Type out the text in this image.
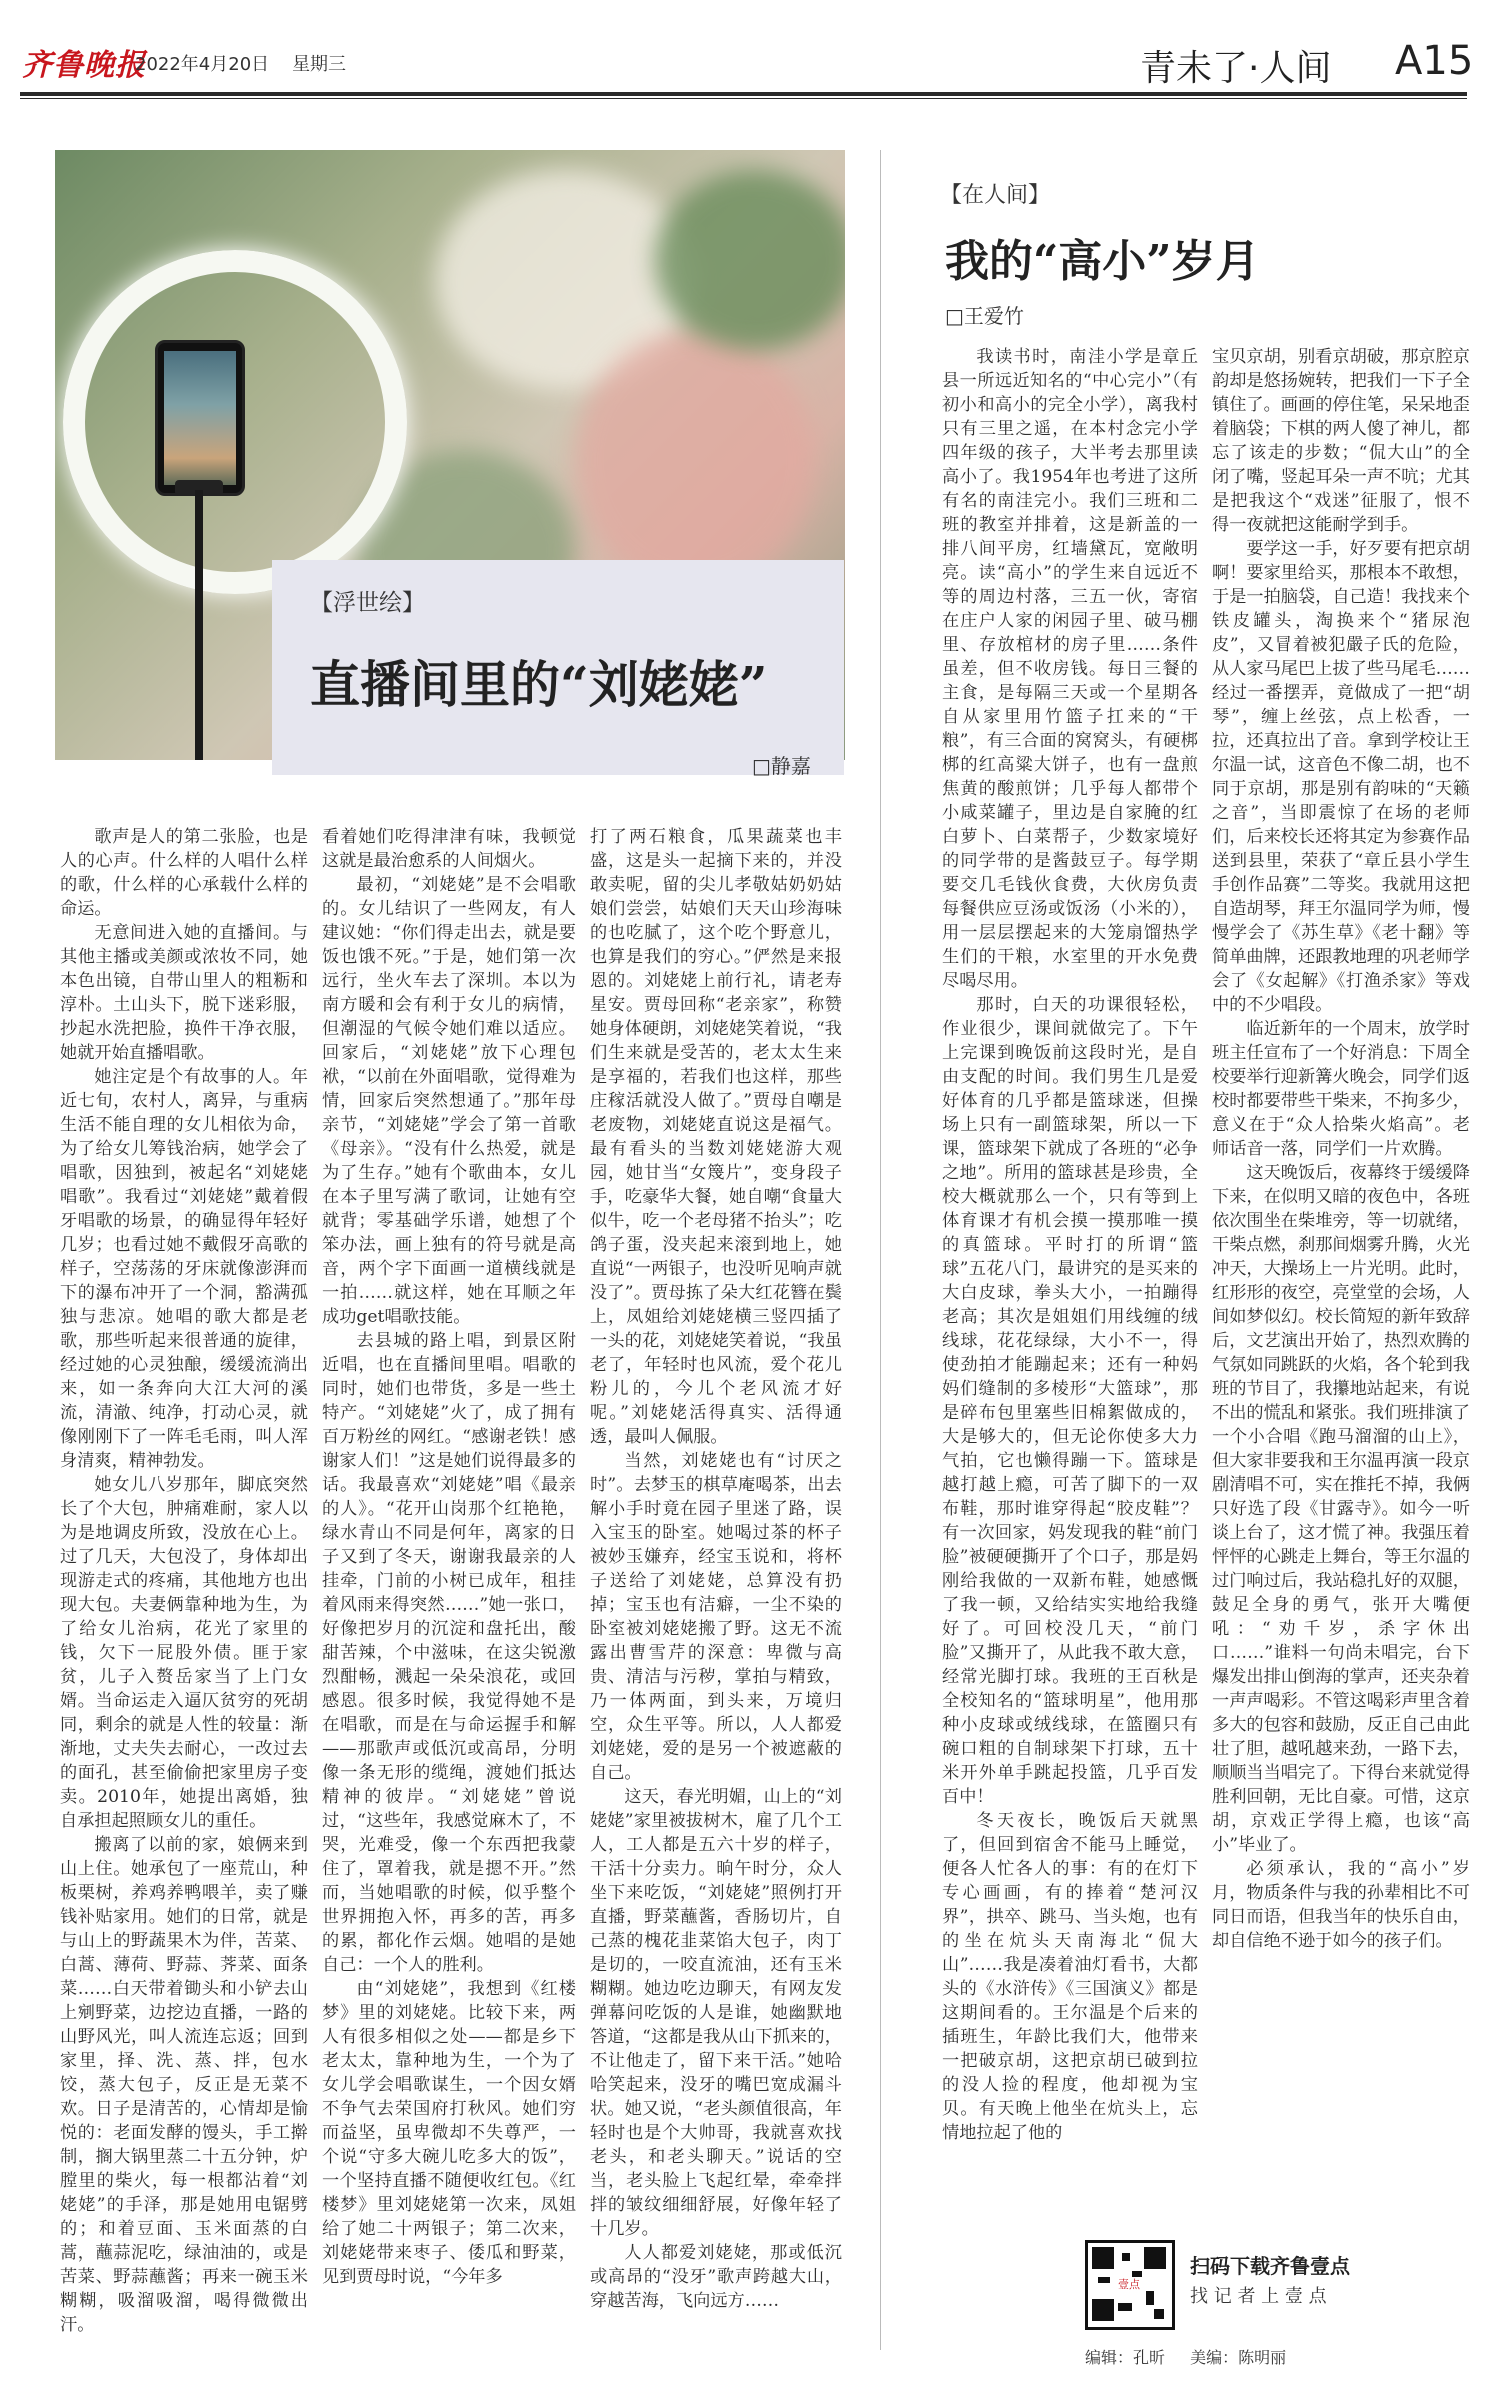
齐鲁晚报
2022年4月20日 星期三	青未了·人间 A15
【浮世绘】
直播间里的“刘姥姥”
□静嘉

歌声是人的第二张脸，也是人的心声。什么样的人唱什么样的歌，什么样的心承载什么样的命运。

无意间进入她的直播间。与其他主播或美颜或浓妆不同，她本色出镜，自带山里人的粗粝和淳朴。土山头下，脱下迷彩服，抄起水洗把脸，换件干净衣服，她就开始直播唱歌。

她注定是个有故事的人。年近七旬，农村人，离异，与重病生活不能自理的女儿相依为命，为了给女儿筹钱治病，她学会了唱歌，因独到，被起名“刘姥姥唱歌”。我看过“刘姥姥”戴着假牙唱歌的场景，的确显得年轻好几岁；也看过她不戴假牙高歌的样子，空荡荡的牙床就像澎湃而下的瀑布冲开了一个洞，豁满孤独与悲凉。她唱的歌大都是老歌，那些听起来很普通的旋律，经过她的心灵独酿，缓缓流淌出来，如一条奔向大江大河的溪流，清澈、纯净，打动心灵，就像刚刚下了一阵毛毛雨，叫人浑身清爽，精神勃发。

她女儿八岁那年，脚底突然长了个大包，肿痛难耐，家人以为是地调皮所致，没放在心上。过了几天，大包没了，身体却出现游走式的疼痛，其他地方也出现大包。夫妻俩靠种地为生，为了给女儿治病，花光了家里的钱，欠下一屁股外债。匪于家贫，儿子入赘岳家当了上门女婿。当命运走入逼仄贫穷的死胡同，剩余的就是人性的较量：渐渐地，丈夫失去耐心，一改过去的面孔，甚至偷偷把家里房子变卖。2010年，她提出离婚，独自承担起照顾女儿的重任。

搬离了以前的家，娘俩来到山上住。她承包了一座荒山，种板栗树，养鸡养鸭喂羊，卖了赚钱补贴家用。她们的日常，就是与山上的野蔬果木为伴，苦菜、白蒿、薄荷、野蒜、荠菜、面条菜……白天带着锄头和小铲去山上剜野菜，边挖边直播，一路的山野风光，叫人流连忘返；回到家里，择、洗、蒸、拌，包水饺，蒸大包子，反正是无菜不欢。日子是清苦的，心情却是愉悦的：老面发酵的馒头，手工擀制，搁大锅里蒸二十五分钟，炉膛里的柴火，每一根都沾着“刘姥姥”的手泽，那是她用电锯劈的；和着豆面、玉米面蒸的白蒿，蘸蒜泥吃，绿油油的，或是苦菜、野蒜蘸酱；再来一碗玉米糊糊，吸溜吸溜，喝得微微出汗。

看着她们吃得津津有味，我顿觉这就是最治愈系的人间烟火。

最初，“刘姥姥”是不会唱歌的。女儿结识了一些网友，有人建议她：“你们得走出去，就是要饭也饿不死。”于是，她们第一次远行，坐火车去了深圳。本以为南方暖和会有利于女儿的病情，但潮湿的气候令她们难以适应。回家后，“刘姥姥”放下心理包袱，“以前在外面唱歌，觉得难为情，回家后突然想通了。”那年母亲节，“刘姥姥”学会了第一首歌《母亲》。“没有什么热爱，就是为了生存。”她有个歌曲本，女儿在本子里写满了歌词，让她有空就背；零基础学乐谱，她想了个笨办法，画上独有的符号就是高音，两个字下面画一道横线就是一拍……就这样，她在耳顺之年成功get唱歌技能。

去县城的路上唱，到景区附近唱，也在直播间里唱。唱歌的同时，她们也带货，多是一些土特产。“刘姥姥”火了，成了拥有百万粉丝的网红。“感谢老铁！感谢家人们！”这是她们说得最多的话。我最喜欢“刘姥姥”唱《最亲的人》。“花开山岗那个红艳艳，绿水青山不同是何年，离家的日子又到了冬天，谢谢我最亲的人挂牵，门前的小树已成年，租挂着风雨来得突然……”她一张口，好像把岁月的沉淀和盘托出，酸甜苦辣，个中滋味，在这尖锐激烈酣畅，溅起一朵朵浪花，或回感恩。很多时候，我觉得她不是在唱歌，而是在与命运握手和解——那歌声或低沉或高昂，分明像一条无形的缆绳，渡她们抵达精神的彼岸。“刘姥姥”曾说过，“这些年，我感觉麻木了，不哭，光难受，像一个东西把我蒙住了，罩着我，就是摁不开。”然而，当她唱歌的时候，似乎整个世界拥抱入怀，再多的苦，再多的累，都化作云烟。她唱的是她自己：一个人的胜利。

由“刘姥姥”，我想到《红楼梦》里的刘姥姥。比较下来，两人有很多相似之处——都是乡下老太太，靠种地为生，一个为了女儿学会唱歌谋生，一个因女婿不争气去荣国府打秋风。她们穷而益坚，虽卑微却不失尊严，一个说“守多大碗儿吃多大的饭”，一个坚持直播不随便收红包。《红楼梦》里刘姥姥第一次来，凤姐给了她二十两银子；第二次来，刘姥姥带来枣子、倭瓜和野菜，见到贾母时说，“今年多

打了两石粮食，瓜果蔬菜也丰盛，这是头一起摘下来的，并没敢卖呢，留的尖儿孝敬姑奶奶姑娘们尝尝，姑娘们天天山珍海味的也吃腻了，这个吃个野意儿，也算是我们的穷心。”俨然是来报恩的。刘姥姥上前行礼，请老寿星安。贾母回称“老亲家”，称赞她身体硬朗，刘姥姥笑着说，“我们生来就是受苦的，老太太生来是享福的，若我们也这样，那些庄稼活就没人做了。”贾母自嘲是老废物，刘姥姥直说这是福气。最有看头的当数刘姥姥游大观园，她甘当“女篾片”，变身段子手，吃豪华大餐，她自嘲“食量大似牛，吃一个老母猪不抬头”；吃鸽子蛋，没夹起来滚到地上，她直说“一两银子，也没听见响声就没了”。贾母拣了朵大红花簪在鬓上，凤姐给刘姥姥横三竖四插了一头的花，刘姥姥笑着说，“我虽老了，年轻时也风流，爱个花儿粉儿的，今儿个老风流才好呢。”刘姥姥活得真实、活得通透，最叫人佩服。

当然，刘姥姥也有“讨厌之时”。去梦玉的棋草庵喝茶，出去解小手时竟在园子里迷了路，误入宝玉的卧室。她喝过茶的杯子被妙玉嫌弃，经宝玉说和，将杯子送给了刘姥姥，总算没有扔掉；宝玉也有洁癖，一尘不染的卧室被刘姥姥搬了野。这无不流露出曹雪芹的深意：卑微与高贵、清洁与污秽，掌拍与精致，乃一体两面，到头来，万境归空，众生平等。所以，人人都爱刘姥姥，爱的是另一个被遮蔽的自己。

这天，春光明媚，山上的“刘姥姥”家里被拔树木，雇了几个工人，工人都是五六十岁的样子，干活十分卖力。晌午时分，众人坐下来吃饭，“刘姥姥”照例打开直播，野菜蘸酱，香肠切片，自己蒸的槐花韭菜馅大包子，肉丁是切的，一咬直流油，还有玉米糊糊。她边吃边聊天，有网友发弹幕问吃饭的人是谁，她幽默地答道，“这都是我从山下抓来的，不让他走了，留下来干活。”她哈哈笑起来，没牙的嘴巴宽成漏斗状。她又说，“老头颜值很高，年轻时也是个大帅哥，我就喜欢找老头，和老头聊天。”说话的空当，老头脸上飞起红晕，牵牵拌拌的皱纹细细舒展，好像年轻了十几岁。

人人都爱刘姥姥，那或低沉或高昂的“没牙”歌声跨越大山，穿越苦海，飞向远方……

【在人间】
我的“高小”岁月
□王爱竹

我读书时，南洼小学是章丘县一所远近知名的“中心完小”（有初小和高小的完全小学），离我村只有三里之遥，在本村念完小学四年级的孩子，大半考去那里读高小了。我1954年也考进了这所有名的南洼完小。我们三班和二班的教室并排着，这是新盖的一排八间平房，红墙黛瓦，宽敞明亮。读“高小”的学生来自远近不等的周边村落，三五一伙，寄宿在庄户人家的闲园子里、破马棚里、存放棺材的房子里……条件虽差，但不收房钱。每日三餐的主食，是每隔三天或一个星期各自从家里用竹篮子扛来的“干粮”，有三合面的窝窝头，有硬梆梆的红高粱大饼子，也有一盘煎焦黄的酸煎饼；几乎每人都带个小咸菜罐子，里边是自家腌的红白萝卜、白菜帮子，少数家境好的同学带的是酱鼓豆子。每学期要交几毛钱伙食费，大伙房负责每餐供应豆汤或饭汤（小米的），用一层层摆起来的大笼扇馏热学生们的干粮，水室里的开水免费尽喝尽用。

那时，白天的功课很轻松，作业很少，课间就做完了。下午上完课到晚饭前这段时光，是自由支配的时间。我们男生几是爱好体育的几乎都是篮球迷，但操场上只有一副篮球架，所以一下课，篮球架下就成了各班的“必争之地”。所用的篮球甚是珍贵，全校大概就那么一个，只有等到上体育课才有机会摸一摸那唯一摸的真篮球。平时打的所谓“篮球”五花八门，最讲究的是买来的大白皮球，拳头大小，一拍蹦得老高；其次是姐姐们用线缠的绒线球，花花绿绿，大小不一，得使劲拍才能蹦起来；还有一种妈妈们缝制的多棱形“大篮球”，那是碎布包里塞些旧棉絮做成的，大是够大的，但无论你使多大力气拍，它也懒得蹦一下。篮球是越打越上瘾，可苦了脚下的一双布鞋，那时谁穿得起“胶皮鞋”？有一次回家，妈发现我的鞋“前门脸”被硬硬撕开了个口子，那是妈刚给我做的一双新布鞋，她感慨了我一顿，又给结实实地给我缝好了。可回校没几天，“前门脸”又撕开了，从此我不敢大意，经常光脚打球。我班的王百秋是全校知名的“篮球明星”，他用那种小皮球或绒线球，在篮圈只有碗口粗的自制球架下打球，五十米开外单手跳起投篮，几乎百发百中！

冬天夜长，晚饭后天就黑了，但回到宿舍不能马上睡觉，便各人忙各人的事：有的在灯下专心画画，有的捧着“楚河汉界”，拱卒、跳马、当头炮，也有的坐在炕头天南海北“侃大山”……我是凑着油灯看书，大都头的《水浒传》《三国演义》都是这期间看的。王尔温是个后来的插班生，年龄比我们大，他带来一把破京胡，这把京胡已破到拉的没人捡的程度，他却视为宝贝。有天晚上他坐在炕头上，忘情地拉起了他的

宝贝京胡，别看京胡破，那京腔京韵却是悠扬婉转，把我们一下子全镇住了。画画的停住笔，呆呆地歪着脑袋；下棋的两人傻了神儿，都忘了该走的步数；“侃大山”的全闭了嘴，竖起耳朵一声不吭；尤其是把我这个“戏迷”征服了，恨不得一夜就把这能耐学到手。

要学这一手，好歹要有把京胡啊！要家里给买，那根本不敢想，于是一拍脑袋，自己造！我找来个铁皮罐头，淘换来个“猪尿泡皮”，又冒着被犯嚴子氏的危险，从人家马尾巴上拔了些马尾毛……经过一番摆弄，竟做成了一把“胡琴”，缠上丝弦，点上松香，一拉，还真拉出了音。拿到学校让王尔温一试，这音色不像二胡，也不同于京胡，那是别有韵味的“天籁之音”，当即震惊了在场的老师们，后来校长还将其定为参赛作品送到县里，荣获了“章丘县小学生手创作品赛”二等奖。我就用这把自造胡琴，拜王尔温同学为师，慢慢学会了《苏生草》《老十翻》等简单曲牌，还跟教地理的巩老师学会了《女起解》《打渔杀家》等戏中的不少唱段。

临近新年的一个周末，放学时班主任宣布了一个好消息：下周全校要举行迎新篝火晚会，同学们返校时都要带些干柴来，不拘多少，意义在于“众人拾柴火焰高”。老师话音一落，同学们一片欢腾。

这天晚饭后，夜幕终于缓缓降下来，在似明又暗的夜色中，各班依次围坐在柴堆旁，等一切就绪，干柴点燃，刹那间烟雾升腾，火光冲天，大操场上一片光明。此时，红形形的夜空，亮堂堂的会场，人间如梦似幻。校长简短的新年致辞后，文艺演出开始了，热烈欢腾的气氛如同跳跃的火焰，各个轮到我班的节目了，我攥地站起来，有说不出的慌乱和紧张。我们班排演了一个小合唱《跑马溜溜的山上》，但大家非要我和王尔温再演一段京剧清唱不可，实在推托不掉，我俩只好选了段《甘露寺》。如今一听谈上台了，这才慌了神。我强压着怦怦的心跳走上舞台，等王尔温的过门响过后，我站稳扎好的双腿，鼓足全身的勇气，张开大嘴便吼：“劝千岁，杀字休出口……”谁料一句尚未唱完，台下爆发出排山倒海的掌声，还夹杂着一声声喝彩。不管这喝彩声里含着多大的包容和鼓励，反正自己由此壮了胆，越吼越来劲，一路下去，顺顺当当唱完了。下得台来就觉得胜利回朝，无比自豪。可惜，这京胡，京戏正学得上瘾，也该“高小”毕业了。

必须承认，我的“高小”岁月，物质条件与我的孙辈相比不可同日而语，但我当年的快乐自由，却自信绝不逊于如今的孩子们。

壹点
扫码下载齐鲁壹点
找 记 者 上 壹 点
编辑：孔昕 美编：陈明丽
